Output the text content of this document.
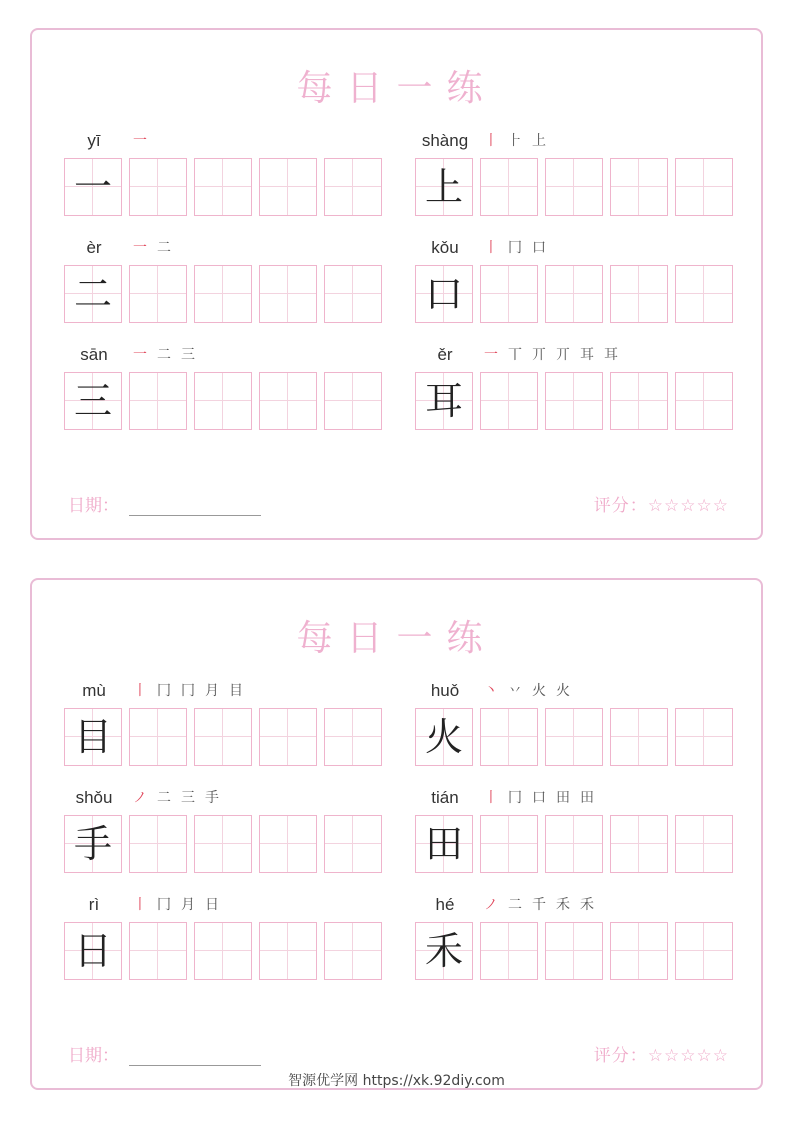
每日一练
yī	一
一
shàng	丨 ⺊ 上
上
èr	一 二
二
kǒu	丨 冂 口
口
sān	一 二 三
三
ěr	一 丅 丌 丌 耳 耳
耳
日期：	评分：☆☆☆☆☆
每日一练
mù	丨 冂 冂 月 目
目
huǒ	丶 丷 火 火
火
shǒu	ノ 二 三 手
手
tián	丨 冂 口 田 田
田
rì	丨 冂 月 日
日
hé	ノ 二 千 禾 禾
禾
日期：	评分：☆☆☆☆☆
智源优学网 https://xk.92diy.com
